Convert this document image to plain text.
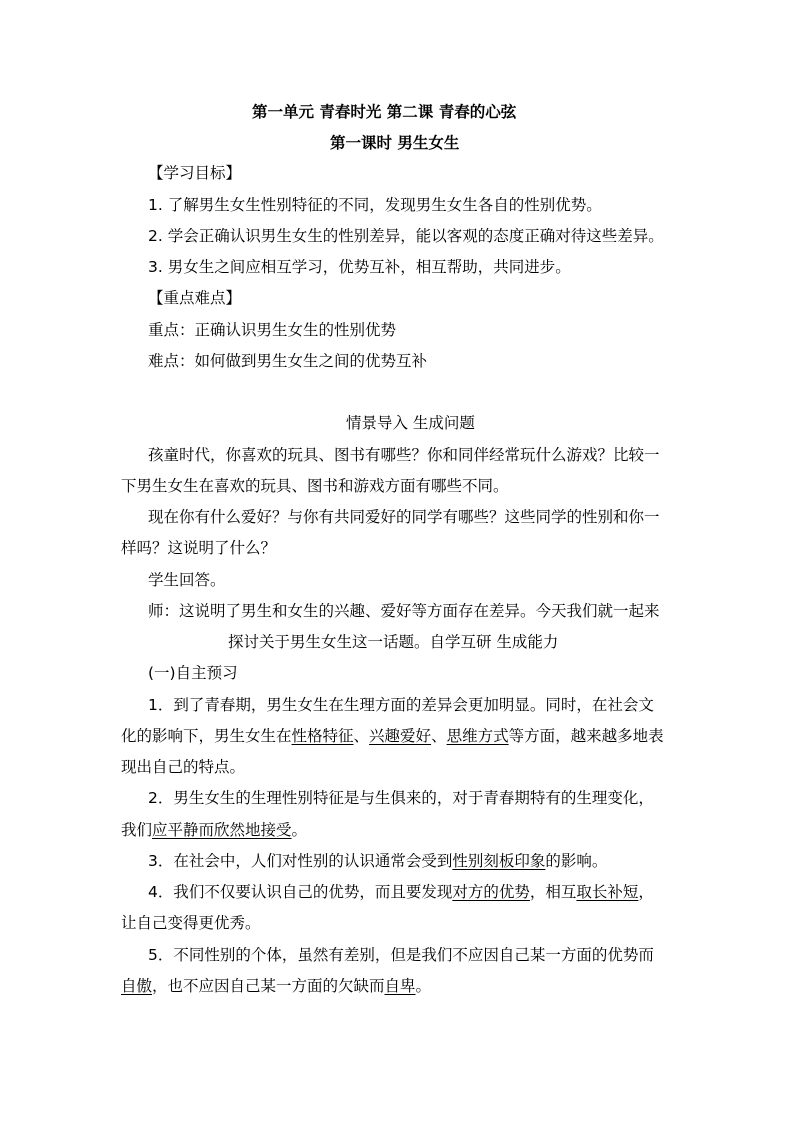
第一单元 青春时光 第二课 青春的心弦
第一课时 男生女生
【学习目标】
1. 了解男生女生性别特征的不同，发现男生女生各自的性别优势。
2. 学会正确认识男生女生的性别差异，能以客观的态度正确对待这些差异。
3. 男女生之间应相互学习，优势互补，相互帮助，共同进步。
【重点难点】
重点：正确认识男生女生的性别优势
难点：如何做到男生女生之间的优势互补
情景导入 生成问题
孩童时代，你喜欢的玩具、图书有哪些？你和同伴经常玩什么游戏？比较一
下男生女生在喜欢的玩具、图书和游戏方面有哪些不同。
现在你有什么爱好？与你有共同爱好的同学有哪些？这些同学的性别和你一
样吗？这说明了什么？
学生回答。
师：这说明了男生和女生的兴趣、爱好等方面存在差异。今天我们就一起来
探讨关于男生女生这一话题。自学互研 生成能力
(一)自主预习
1．到了青春期，男生女生在生理方面的差异会更加明显。同时，在社会文
化的影响下，男生女生在性格特征、兴趣爱好、思维方式等方面，越来越多地表
现出自己的特点。
2．男生女生的生理性别特征是与生俱来的，对于青春期特有的生理变化，
我们应平静而欣然地接受。
3．在社会中，人们对性别的认识通常会受到性别刻板印象的影响。
4．我们不仅要认识自己的优势，而且要发现对方的优势，相互取长补短，
让自己变得更优秀。
5．不同性别的个体，虽然有差别，但是我们不应因自己某一方面的优势而
自傲，也不应因自己某一方面的欠缺而自卑。
